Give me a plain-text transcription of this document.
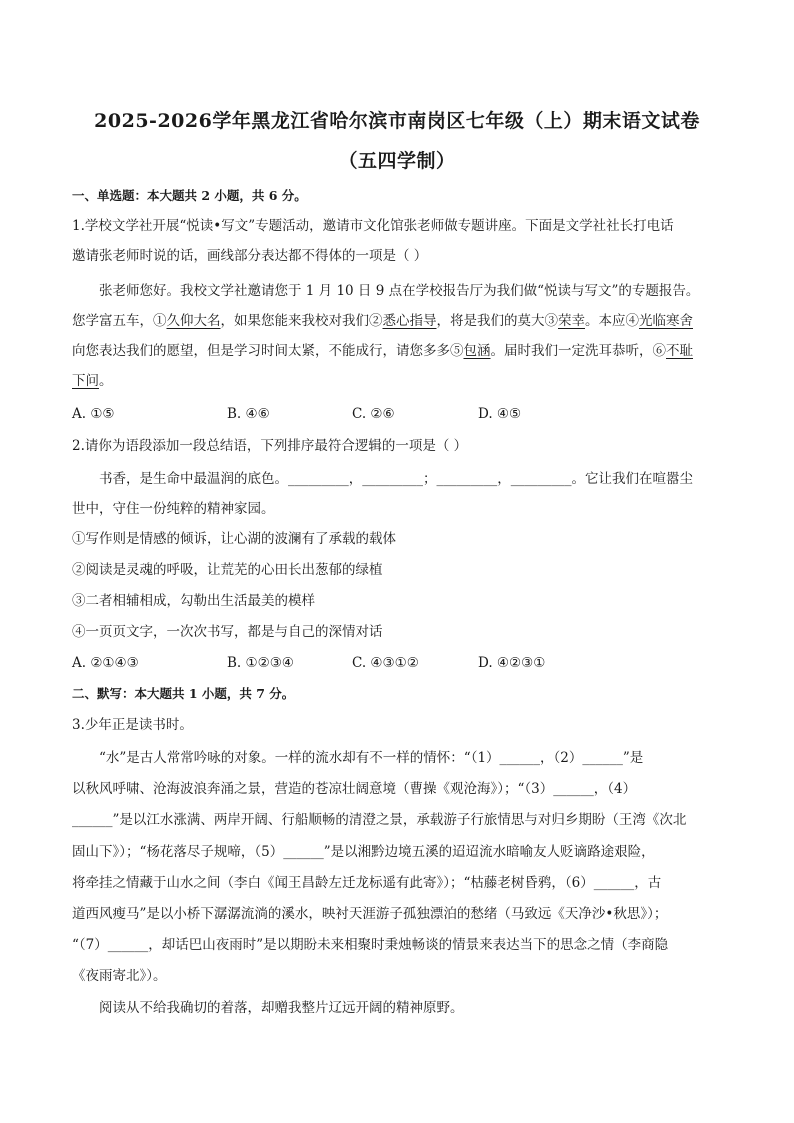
2025-2026学年黑龙江省哈尔滨市南岗区七年级（上）期末语文试卷
（五四学制）

一、单选题：本大题共 2 小题，共 6 分。

1.学校文学社开展“悦读•写文”专题活动，邀请市文化馆张老师做专题讲座。下面是文学社社长打电话

邀请张老师时说的话，画线部分表达都不得体的一项是（ ）

张老师您好。我校文学社邀请您于 1 月 10 日 9 点在学校报告厅为我们做“悦读与写文”的专题报告。

您学富五车，①久仰大名，如果您能来我校对我们②悉心指导，将是我们的莫大③荣幸。本应④光临寒舍

向您表达我们的愿望，但是学习时间太紧，不能成行，请您多多⑤包涵。届时我们一定洗耳恭听，⑥不耻

下问。

A. ①⑤	B. ④⑥	C. ②⑥	D. ④⑤

2.请你为语段添加一段总结语，下列排序最符合逻辑的一项是（ ）

书香，是生命中最温润的底色。_________，_________；_________，_________。它让我们在喧嚣尘

世中，守住一份纯粹的精神家园。

①写作则是情感的倾诉，让心湖的波澜有了承载的载体

②阅读是灵魂的呼吸，让荒芜的心田长出葱郁的绿植

③二者相辅相成，勾勒出生活最美的模样

④一页页文字，一次次书写，都是与自己的深情对话

A. ②①④③	B. ①②③④	C. ④③①②	D. ④②③①

二、默写：本大题共 1 小题，共 7 分。

3.少年正是读书时。

“水”是古人常常吟咏的对象。一样的流水却有不一样的情怀：“（1）______，（2）______”是

以秋风呼啸、沧海波浪奔涌之景，营造的苍凉壮阔意境（曹操《观沧海》）；“（3）______，（4）

______”是以江水涨满、两岸开阔、行船顺畅的清澄之景，承载游子行旅情思与对归乡期盼（王湾《次北

固山下》）；“杨花落尽子规啼，（5）______”是以湘黔边境五溪的迢迢流水暗喻友人贬谪路途艰险，

将牵挂之情藏于山水之间（李白《闻王昌龄左迁龙标遥有此寄》）；“枯藤老树昏鸦，（6）______，古

道西风瘦马”是以小桥下潺潺流淌的溪水，映衬天涯游子孤独漂泊的愁绪（马致远《天净沙•秋思》）；

“（7）______，却话巴山夜雨时”是以期盼未来相聚时秉烛畅谈的情景来表达当下的思念之情（李商隐

《夜雨寄北》）。

阅读从不给我确切的着落，却赠我整片辽远开阔的精神原野。
